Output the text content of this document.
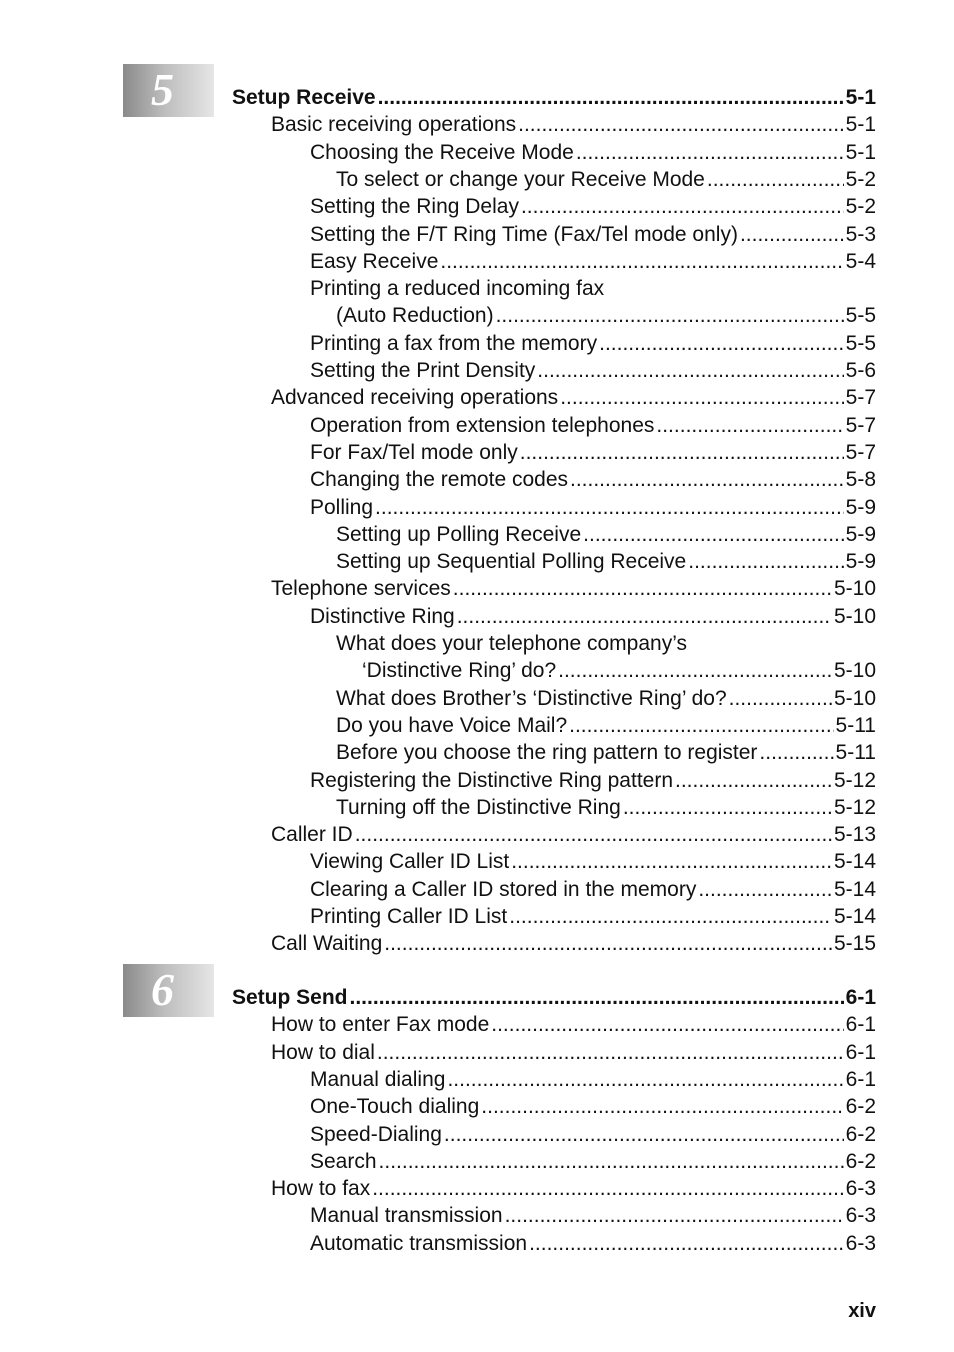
5	Setup Receive .....	5-1
Basic receiving operations .....	5-1
Choosing the Receive Mode .....	5-1
To select or change your Receive Mode .....	5-2
Setting the Ring Delay .....	5-2
Setting the F/T Ring Time (Fax/Tel mode only) .....	5-3
Easy Receive .....	5-4
Printing a reduced incoming fax
(Auto Reduction) .....	5-5
Printing a fax from the memory .....	5-5
Setting the Print Density .....	5-6
Advanced receiving operations .....	5-7
Operation from extension telephones .....	5-7
For Fax/Tel mode only .....	5-7
Changing the remote codes .....	5-8
Polling .....	5-9
Setting up Polling Receive .....	5-9
Setting up Sequential Polling Receive .....	5-9
Telephone services .....	5-10
Distinctive Ring .....	5-10
What does your telephone company’s
‘Distinctive Ring’ do? .....	5-10
What does Brother’s ‘Distinctive Ring’ do? .....	5-10
Do you have Voice Mail? .....	5-11
Before you choose the ring pattern to register .....	5-11
Registering the Distinctive Ring pattern .....	5-12
Turning off the Distinctive Ring .....	5-12
Caller ID .....	5-13
Viewing Caller ID List .....	5-14
Clearing a Caller ID stored in the memory .....	5-14
Printing Caller ID List .....	5-14
Call Waiting .....	5-15
6	Setup Send .....	6-1
How to enter Fax mode .....	6-1
How to dial .....	6-1
Manual dialing .....	6-1
One-Touch dialing .....	6-2
Speed-Dialing .....	6-2
Search .....	6-2
How to fax .....	6-3
Manual transmission .....	6-3
Automatic transmission .....	6-3
xiv
